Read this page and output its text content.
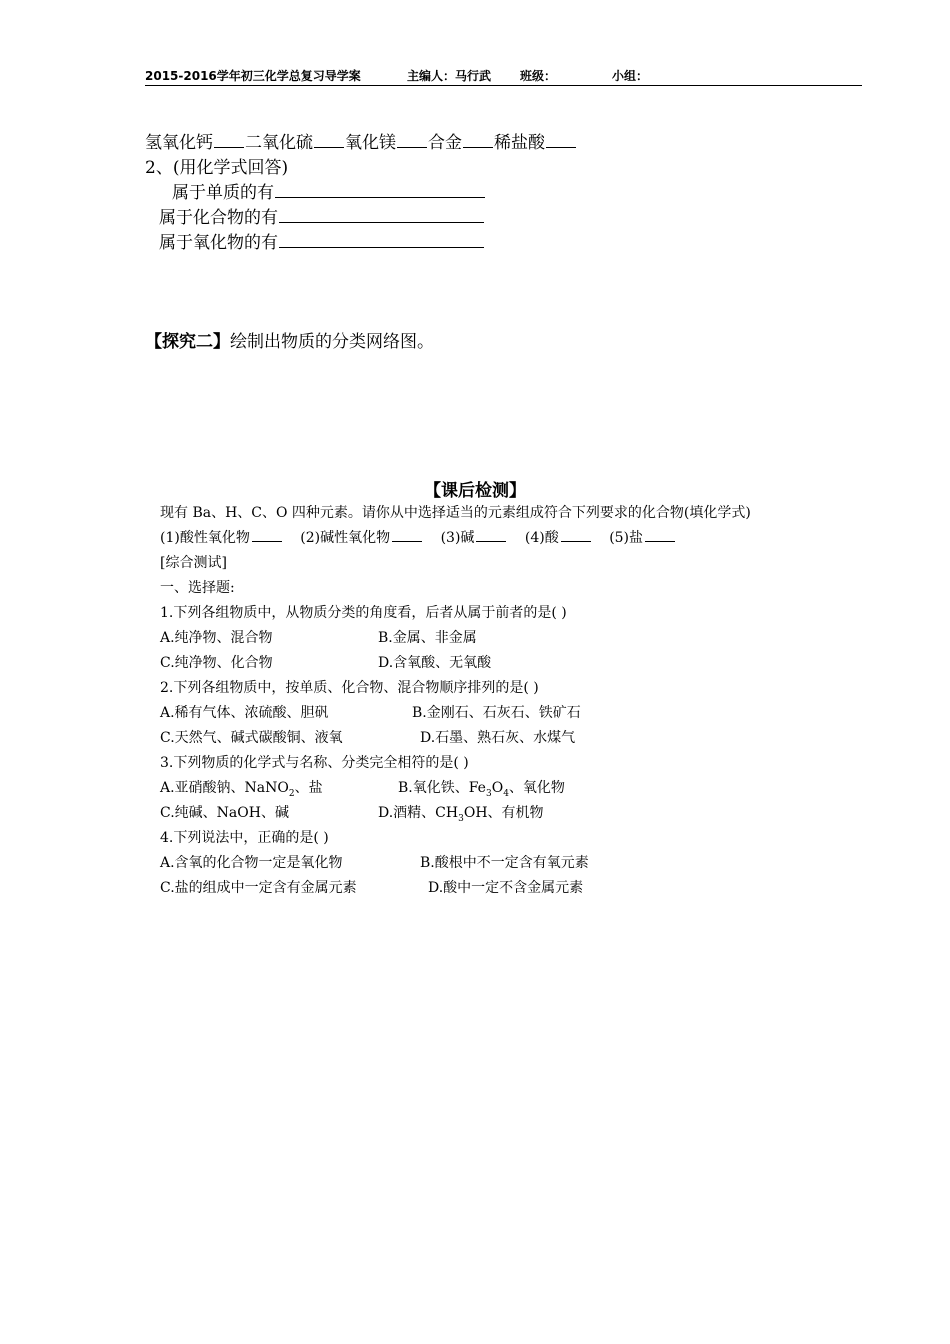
2015-2016学年初三化学总复习导学案	主编人：马行武 班级：	小组：
氢氧化钙 二氧化硫 氧化镁 合金 稀盐酸
2、(用化学式回答)
属于单质的有
属于化合物的有
属于氧化物的有
【探究二】绘制出物质的分类网络图。
【课后检测】
现有 Ba、H、C、O 四种元素。请你从中选择适当的元素组成符合下列要求的化合物(填化学式)
(1)酸性氧化物	(2)碱性氧化物	(3)碱	(4)酸	(5)盐
[综合测试]
一、选择题:
1.下列各组物质中，从物质分类的角度看，后者从属于前者的是( )
A.纯净物、混合物	B.金属、非金属
C.纯净物、化合物	D.含氧酸、无氧酸
2.下列各组物质中，按单质、化合物、混合物顺序排列的是( )
A.稀有气体、浓硫酸、胆矾	B.金刚石、石灰石、铁矿石
C.天然气、碱式碳酸铜、液氧	D.石墨、熟石灰、水煤气
3.下列物质的化学式与名称、分类完全相符的是( )
A.亚硝酸钠、NaNO$_2$、盐	B.氧化铁、$Fe_3O_4$、氧化物
C.纯碱、NaOH、碱	D.酒精、$CH_3OH$、有机物
4.下列说法中，正确的是( )
A.含氧的化合物一定是氧化物	B.酸根中不一定含有氧元素
C.盐的组成中一定含有金属元素	D.酸中一定不含金属元素
